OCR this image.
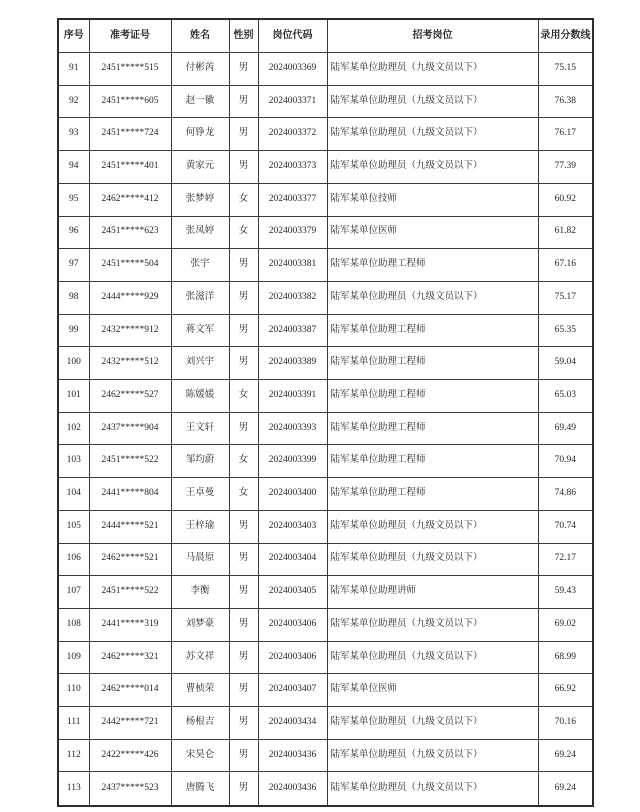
序号	准考证号	姓名	性别	岗位代码	招考岗位	录用分数线
91	2451*****515	付彬芮	男	2024003369	陆军某单位助理员（九级文员以下）	75.15
92	2451*****605	赵一徽	男	2024003371	陆军某单位助理员（九级文员以下）	76.38
93	2451*****724	何铮龙	男	2024003372	陆军某单位助理员（九级文员以下）	76.17
94	2451*****401	黄家元	男	2024003373	陆军某单位助理员（九级文员以下）	77.39
95	2462*****412	张梦婷	女	2024003377	陆军某单位技师	60.92
96	2451*****623	张凤婷	女	2024003379	陆军某单位医师	61.82
97	2451*****504	张宇	男	2024003381	陆军某单位助理工程师	67.16
98	2444*****929	张滋洋	男	2024003382	陆军某单位助理员（九级文员以下）	75.17
99	2432*****912	蒋文军	男	2024003387	陆军某单位助理工程师	65.35
100	2432*****512	刘兴宇	男	2024003389	陆军某单位助理工程师	59.04
101	2462*****527	陈媛媛	女	2024003391	陆军某单位助理工程师	65.03
102	2437*****904	王文轩	男	2024003393	陆军某单位助理工程师	69.49
103	2451*****522	邹均蔚	女	2024003399	陆军某单位助理工程师	70.94
104	2441*****804	王卓曼	女	2024003400	陆军某单位助理工程师	74.86
105	2444*****521	王梓瑜	男	2024003403	陆军某单位助理员（九级文员以下）	70.74
106	2462*****521	马晨原	男	2024003404	陆军某单位助理员（九级文员以下）	72.17
107	2451*****522	李衡	男	2024003405	陆军某单位助理讲师	59.43
108	2441*****319	刘梦豪	男	2024003406	陆军某单位助理员（九级文员以下）	69.02
109	2462*****321	苏文祥	男	2024003406	陆军某单位助理员（九级文员以下）	68.99
110	2462*****014	曹桢荣	男	2024003407	陆军某单位医师	66.92
111	2442*****721	杨根吉	男	2024003434	陆军某单位助理员（九级文员以下）	70.16
112	2422*****426	宋昊仑	男	2024003436	陆军某单位助理员（九级文员以下）	69.24
113	2437*****523	唐腾飞	男	2024003436	陆军某单位助理员（九级文员以下）	69.24
